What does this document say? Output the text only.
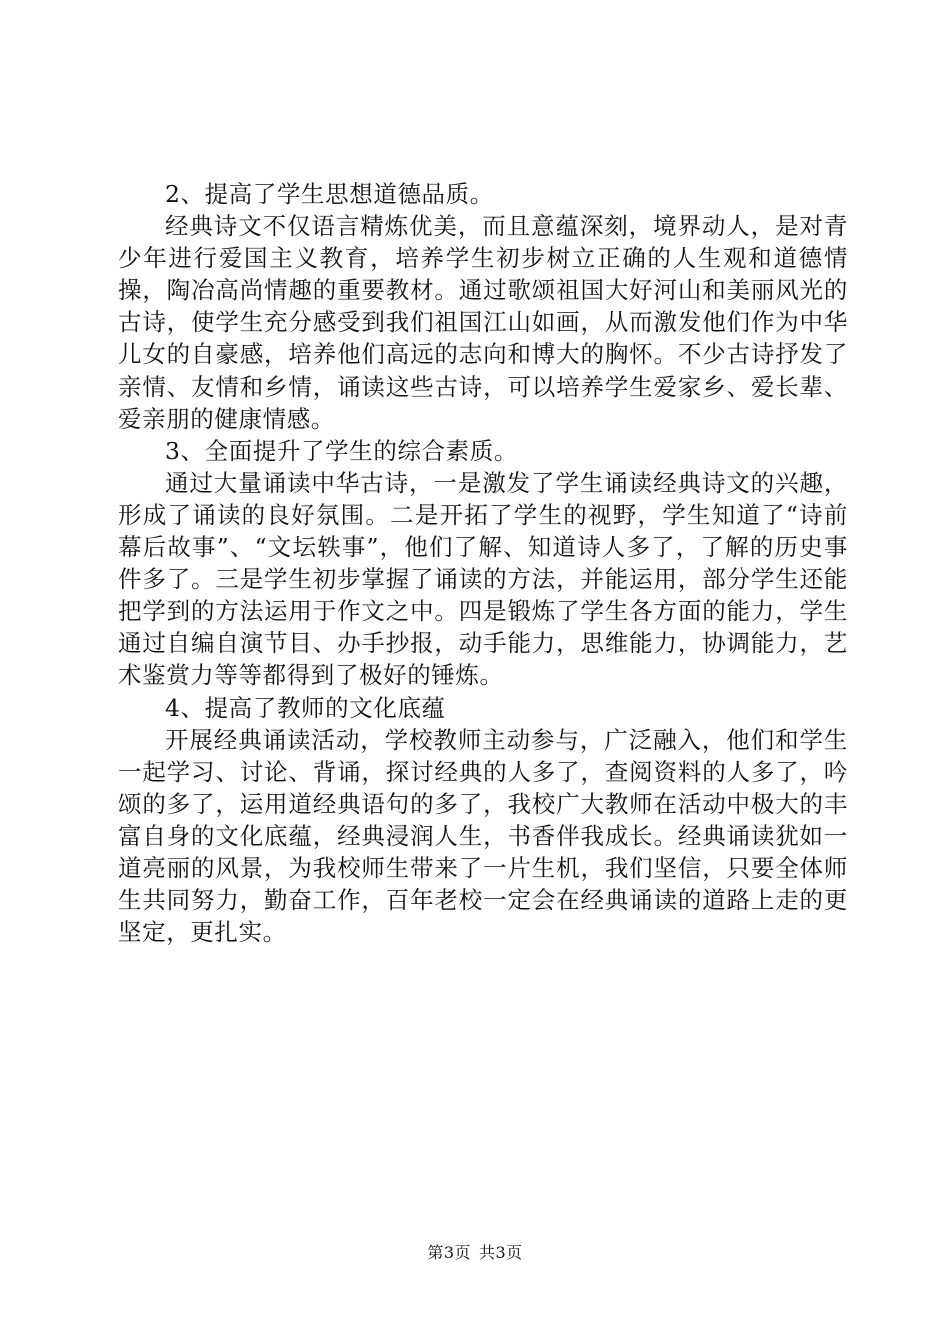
2、提高了学生思想道德品质。

经典诗文不仅语言精炼优美，而且意蕴深刻，境界动人，是对青少年进行爱国主义教育，培养学生初步树立正确的人生观和道德情操，陶冶高尚情趣的重要教材。通过歌颂祖国大好河山和美丽风光的古诗，使学生充分感受到我们祖国江山如画，从而激发他们作为中华儿女的自豪感，培养他们高远的志向和博大的胸怀。不少古诗抒发了亲情、友情和乡情，诵读这些古诗，可以培养学生爱家乡、爱长辈、爱亲朋的健康情感。

3、全面提升了学生的综合素质。

通过大量诵读中华古诗，一是激发了学生诵读经典诗文的兴趣，形成了诵读的良好氛围。二是开拓了学生的视野，学生知道了“诗前幕后故事”、“文坛轶事”，他们了解、知道诗人多了，了解的历史事件多了。三是学生初步掌握了诵读的方法，并能运用，部分学生还能把学到的方法运用于作文之中。四是锻炼了学生各方面的能力，学生通过自编自演节目、办手抄报，动手能力，思维能力，协调能力，艺术鉴赏力等等都得到了极好的锤炼。

4、提高了教师的文化底蕴

开展经典诵读活动，学校教师主动参与，广泛融入，他们和学生一起学习、讨论、背诵，探讨经典的人多了，查阅资料的人多了，吟颂的多了，运用道经典语句的多了，我校广大教师在活动中极大的丰富自身的文化底蕴，经典浸润人生，书香伴我成长。经典诵读犹如一道亮丽的风景，为我校师生带来了一片生机，我们坚信，只要全体师生共同努力，勤奋工作，百年老校一定会在经典诵读的道路上走的更坚定，更扎实。

第3页 共3页
